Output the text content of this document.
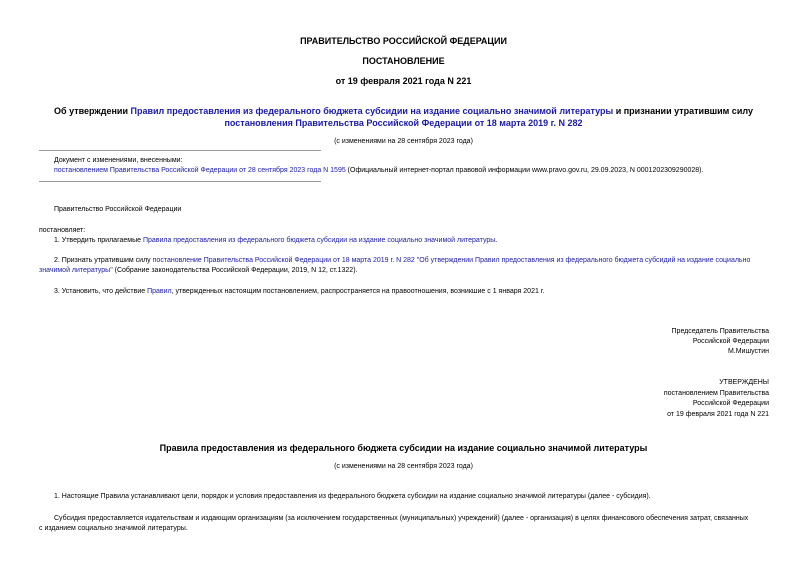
ПРАВИТЕЛЬСТВО РОССИЙСКОЙ ФЕДЕРАЦИИ
ПОСТАНОВЛЕНИЕ
от 19 февраля 2021 года N 221
Об утверждении Правил предоставления из федерального бюджета субсидии на издание социально значимой литературы и признании утратившим силу
постановления Правительства Российской Федерации от 18 марта 2019 г. N 282
(с изменениями на 28 сентября 2023 года)
Документ с изменениями, внесенными:
постановлением Правительства Российской Федерации от 28 сентября 2023 года N 1595 (Официальный интернет-портал правовой информации www.pravo.gov.ru, 29.09.2023, N 0001202309290028).
Правительство Российской Федерации
постановляет:
1. Утвердить прилагаемые Правила предоставления из федерального бюджета субсидии на издание социально значимой литературы.
2. Признать утратившим силу постановление Правительства Российской Федерации от 18 марта 2019 г. N 282 "Об утверждении Правил предоставления из федерального бюджета субсидий на издание социально
значимой литературы" (Собрание законодательства Российской Федерации, 2019, N 12, ст.1322).
3. Установить, что действие Правил, утвержденных настоящим постановлением, распространяется на правоотношения, возникшие с 1 января 2021 г.
Председатель Правительства
Российской Федерации
М.Мишустин
УТВЕРЖДЕНЫ
постановлением Правительства
Российской Федерации
от 19 февраля 2021 года N 221
Правила предоставления из федерального бюджета субсидии на издание социально значимой литературы
(с изменениями на 28 сентября 2023 года)
1. Настоящие Правила устанавливают цели, порядок и условия предоставления из федерального бюджета субсидии на издание социально значимой литературы (далее - субсидия).
Субсидия предоставляется издательствам и издающим организациям (за исключением государственных (муниципальных) учреждений) (далее - организация) в целях финансового обеспечения затрат, связанных
с изданием социально значимой литературы.
